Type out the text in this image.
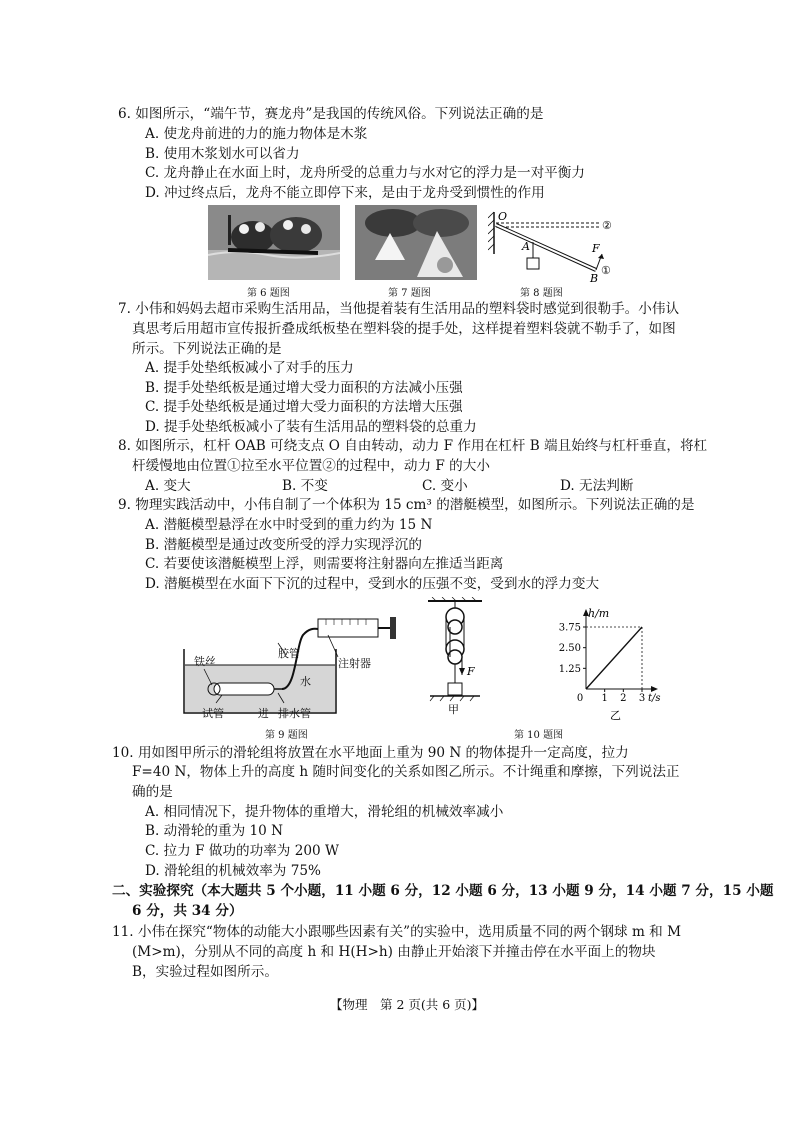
6. 如图所示，“端午节，赛龙舟”是我国的传统风俗。下列说法正确的是
A. 使龙舟前进的力的施力物体是木浆
B. 使用木浆划水可以省力
C. 龙舟静止在水面上时，龙舟所受的总重力与水对它的浮力是一对平衡力
D. 冲过终点后，龙舟不能立即停下来，是由于龙舟受到惯性的作用
第 6 题图	第 7 题图
O
A
B
F
①
②
第 8 题图
7. 小伟和妈妈去超市采购生活用品，当他提着装有生活用品的塑料袋时感觉到很勒手。小伟认
真思考后用超市宣传报折叠成纸板垫在塑料袋的提手处，这样提着塑料袋就不勒手了，如图
所示。下列说法正确的是
A. 提手处垫纸板减小了对手的压力
B. 提手处垫纸板是通过增大受力面积的方法减小压强
C. 提手处垫纸板是通过增大受力面积的方法增大压强
D. 提手处垫纸板减小了装有生活用品的塑料袋的总重力
8. 如图所示，杠杆 OAB 可绕支点 O 自由转动，动力 F 作用在杠杆 B 端且始终与杠杆垂直，将杠
杆缓慢地由位置①拉至水平位置②的过程中，动力 F 的大小
A. 变大	B. 不变	C. 变小	D. 无法判断
9. 物理实践活动中，小伟自制了一个体积为 15 cm³ 的潜艇模型，如图所示。下列说法正确的是
A. 潜艇模型悬浮在水中时受到的重力约为 15 N
B. 潜艇模型是通过改变所受的浮力实现浮沉的
C. 若要使该潜艇模型上浮，则需要将注射器向左推适当距离
D. 潜艇模型在水面下下沉的过程中，受到水的压强不变，受到水的浮力变大
铁丝
胶管
注射器
水
试管	进 排水管
第 9 题图
F
甲
3.75
2.50
1.25
0 1 2 3
h/m
t/s
乙
第 10 题图
10. 用如图甲所示的滑轮组将放置在水平地面上重为 90 N 的物体提升一定高度，拉力
F=40 N，物体上升的高度 h 随时间变化的关系如图乙所示。不计绳重和摩擦，下列说法正
确的是
A. 相同情况下，提升物体的重增大，滑轮组的机械效率减小
B. 动滑轮的重为 10 N
C. 拉力 F 做功的功率为 200 W
D. 滑轮组的机械效率为 75%
二、实验探究（本大题共 5 个小题，11 小题 6 分，12 小题 6 分，13 小题 9 分，14 小题 7 分，15 小题
6 分，共 34 分）
11. 小伟在探究“物体的动能大小跟哪些因素有关”的实验中，选用质量不同的两个钢球 m 和 M
(M>m)，分别从不同的高度 h 和 H(H>h) 由静止开始滚下并撞击停在水平面上的物块
B，实验过程如图所示。
【物理　第 2 页(共 6 页)】
